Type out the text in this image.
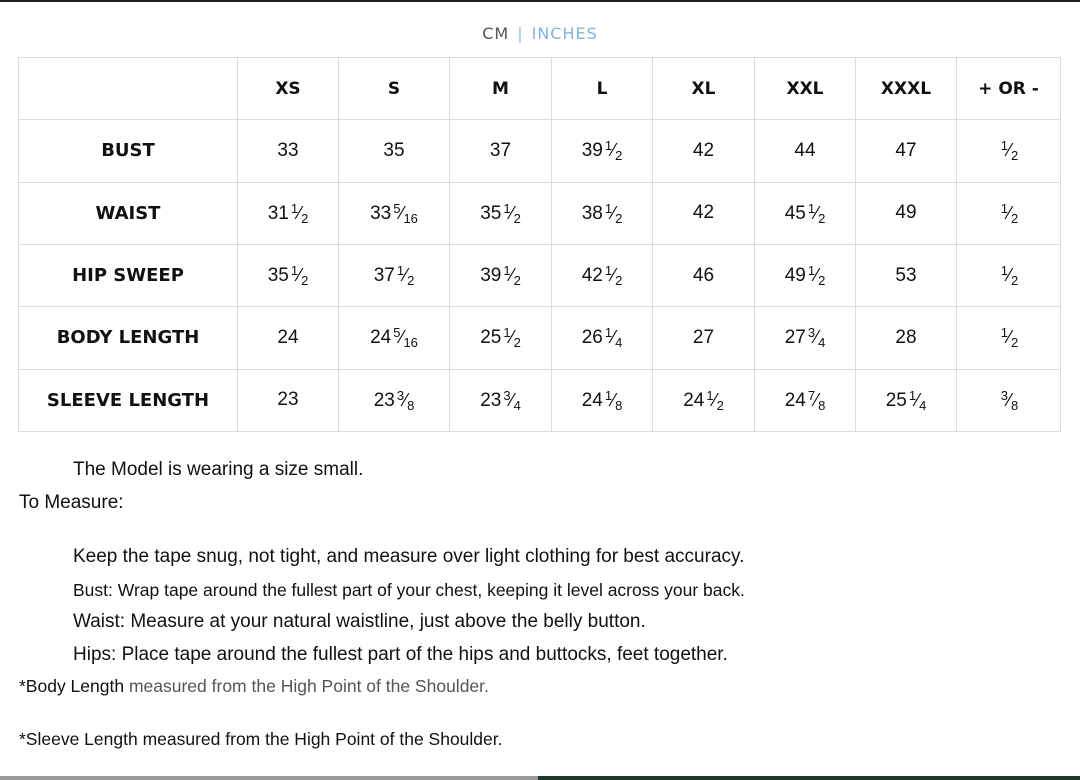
CM | INCHES
	XS	S	M	L	XL	XXL	XXXL	+ OR -
BUST	33	35	37	39 $^1⁄_2$	42	44	47	$^1⁄_2$
WAIST	31 $^1⁄_2$	33 $^5⁄_{16}$	35 $^1⁄_2$	38 $^1⁄_2$	42	45 $^1⁄_2$	49	$^1⁄_2$
HIP SWEEP	35 $^1⁄_2$	37 $^1⁄_2$	39 $^1⁄_2$	42 $^1⁄_2$	46	49 $^1⁄_2$	53	$^1⁄_2$
BODY LENGTH	24	24 $^5⁄_{16}$	25 $^1⁄_2$	26 $^1⁄_4$	27	27 $^3⁄_4$	28	$^1⁄_2$
SLEEVE LENGTH	23	23 $^3⁄_8$	23 $^3⁄_4$	24 $^1⁄_8$	24 $^1⁄_2$	24 $^7⁄_8$	25 $^1⁄_4$	$^3⁄_8$
The Model is wearing a size small.
To Measure:
Keep the tape snug, not tight, and measure over light clothing for best accuracy.
Bust: Wrap tape around the fullest part of your chest, keeping it level across your back.
Waist: Measure at your natural waistline, just above the belly button.
Hips: Place tape around the fullest part of the hips and buttocks, feet together.
*Body Length measured from the High Point of the Shoulder.
*Sleeve Length measured from the High Point of the Shoulder.
